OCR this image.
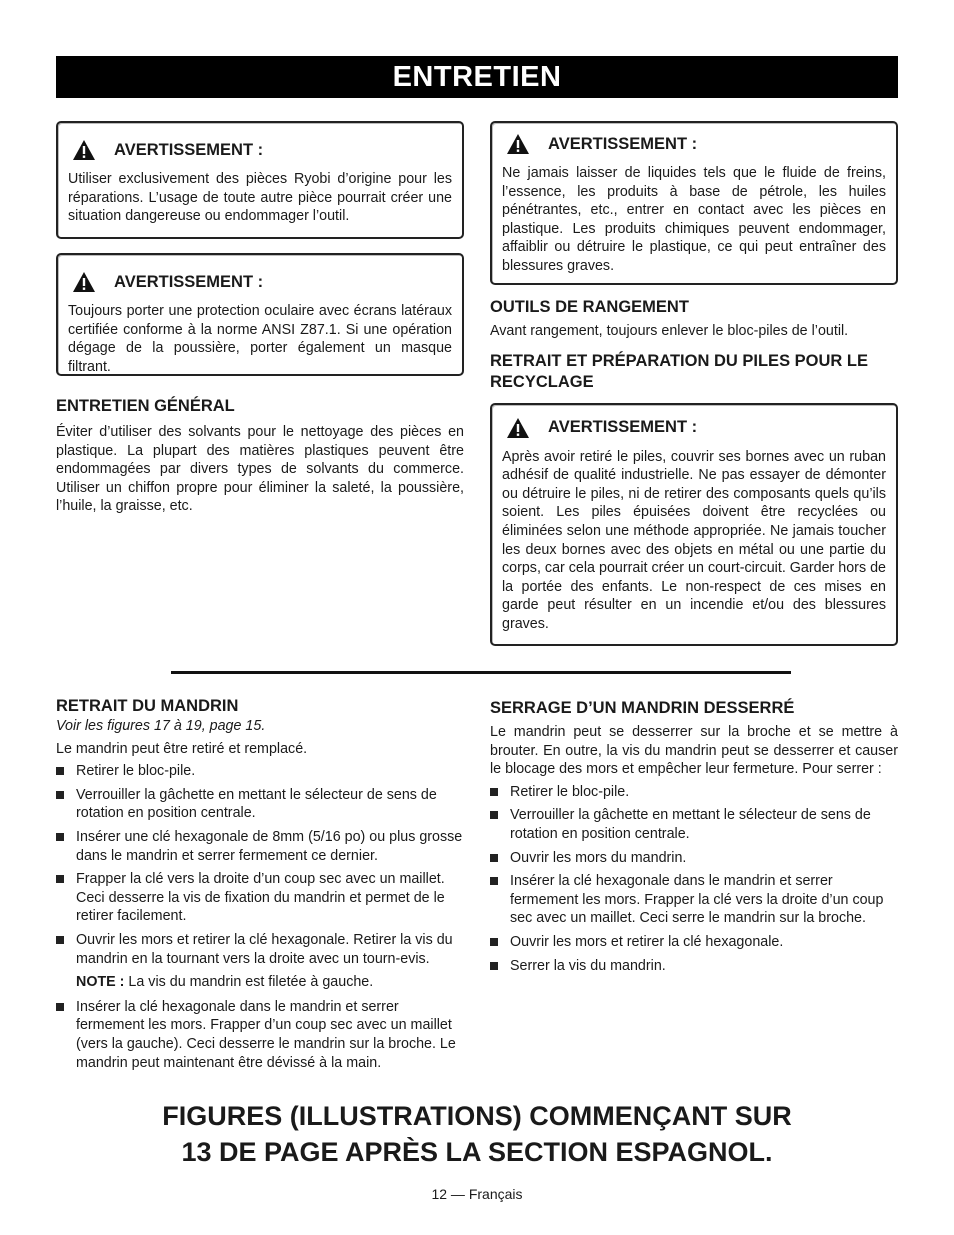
ENTRETIEN
AVERTISSEMENT :

Utiliser exclusivement des pièces Ryobi d’origine pour les réparations. L’usage de toute autre pièce pourrait créer une situation dangereuse ou endommager l’outil.

AVERTISSEMENT :

Toujours porter une protection oculaire avec écrans latéraux certifiée conforme à la norme ANSI Z87.1. Si une opération dégage de la poussière, porter également un masque filtrant.

ENTRETIEN GÉNÉRAL

Éviter d’utiliser des solvants pour le nettoyage des pièces en plastique. La plupart des matières plastiques peuvent être endommagées par divers types de solvants du commerce. Utiliser un chiffon propre pour éliminer la saleté, la poussière, l’huile, la graisse, etc.

AVERTISSEMENT :

Ne jamais laisser de liquides tels que le fluide de freins, l’essence, les produits à base de pétrole, les huiles pénétrantes, etc., entrer en contact avec les pièces en plastique. Les produits chimiques peuvent endommager, affaiblir ou détruire le plastique, ce qui peut entraîner des blessures graves.

OUTILS DE RANGEMENT

Avant rangement, toujours enlever le bloc-piles de l’outil.

RETRAIT ET PRÉPARATION DU PILES POUR LE RECYCLAGE
AVERTISSEMENT :

Après avoir retiré le piles, couvrir ses bornes avec un ruban adhésif de qualité industrielle. Ne pas essayer de démonter ou détruire le piles, ni de retirer des composants quels qu’ils soient. Les piles épuisées doivent être recyclées ou éliminées selon une méthode appropriée. Ne jamais toucher les deux bornes avec des objets en métal ou une partie du corps, car cela pourrait créer un court-circuit. Garder hors de la portée des enfants. Le non-respect de ces mises en garde peut résulter en un incendie et/ou des blessures graves.

RETRAIT DU MANDRIN

Voir les figures 17 à 19, page 15.

Le mandrin peut être retiré et remplacé.

Retirer le bloc-pile.
Verrouiller la gâchette en mettant le sélecteur de sens de rotation en position centrale.
Insérer une clé hexagonale de 8mm (5/16 po) ou plus grosse dans le mandrin et serrer fermement ce dernier.
Frapper la clé vers la droite d’un coup sec avec un maillet. Ceci desserre la vis de fixation du mandrin et permet de le retirer facilement.
Ouvrir les mors et retirer la clé hexagonale. Retirer la vis du mandrin en la tournant vers la droite avec un tourn-evis.

NOTE : La vis du mandrin est filetée à gauche.

Insérer la clé hexagonale dans le mandrin et serrer fermement les mors. Frapper d’un coup sec avec un maillet (vers la gauche). Ceci desserre le mandrin sur la broche. Le mandrin peut maintenant être dévissé à la main.
SERRAGE D’UN MANDRIN DESSERRÉ

Le mandrin peut se desserrer sur la broche et se mettre à brouter. En outre, la vis du mandrin peut se desserrer et causer le blocage des mors et empêcher leur fermeture. Pour serrer :

Retirer le bloc-pile.
Verrouiller la gâchette en mettant le sélecteur de sens de rotation en position centrale.
Ouvrir les mors du mandrin.
Insérer la clé hexagonale dans le mandrin et serrer fermement les mors. Frapper la clé vers la droite d’un coup sec avec un maillet. Ceci serre le mandrin sur la broche.
Ouvrir les mors et retirer la clé hexagonale.
Serrer la vis du mandrin.
FIGURES (ILLUSTRATIONS) COMMENÇANT SUR
13 DE PAGE APRÈS LA SECTION ESPAGNOL.
12 — Français
